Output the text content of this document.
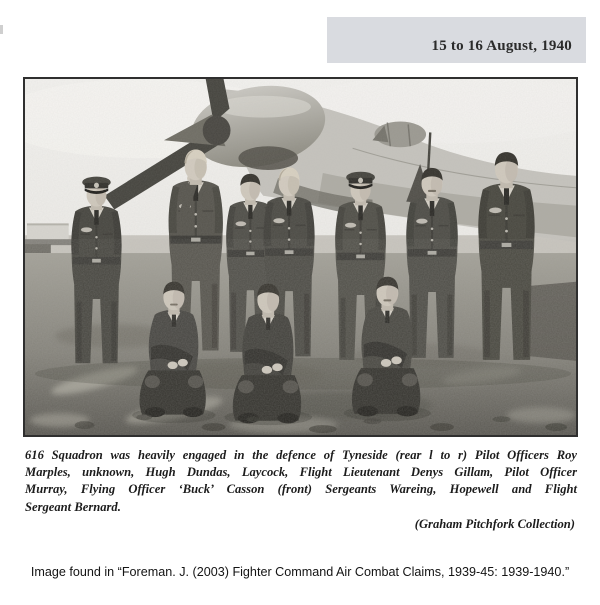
15 to 16 August, 1940
616 Squadron was heavily engaged in the defence of Tyneside (rear l to r) Pilot Officers Roy
Marples, unknown, Hugh Dundas, Laycock, Flight Lieutenant Denys Gillam, Pilot Officer
Murray, Flying Officer ‘Buck’ Casson (front) Sergeants Wareing, Hopewell and Flight
Sergeant Bernard.
(Graham Pitchfork Collection)
Image found in “Foreman. J. (2003) Fighter Command Air Combat Claims, 1939-45: 1939-1940.”
